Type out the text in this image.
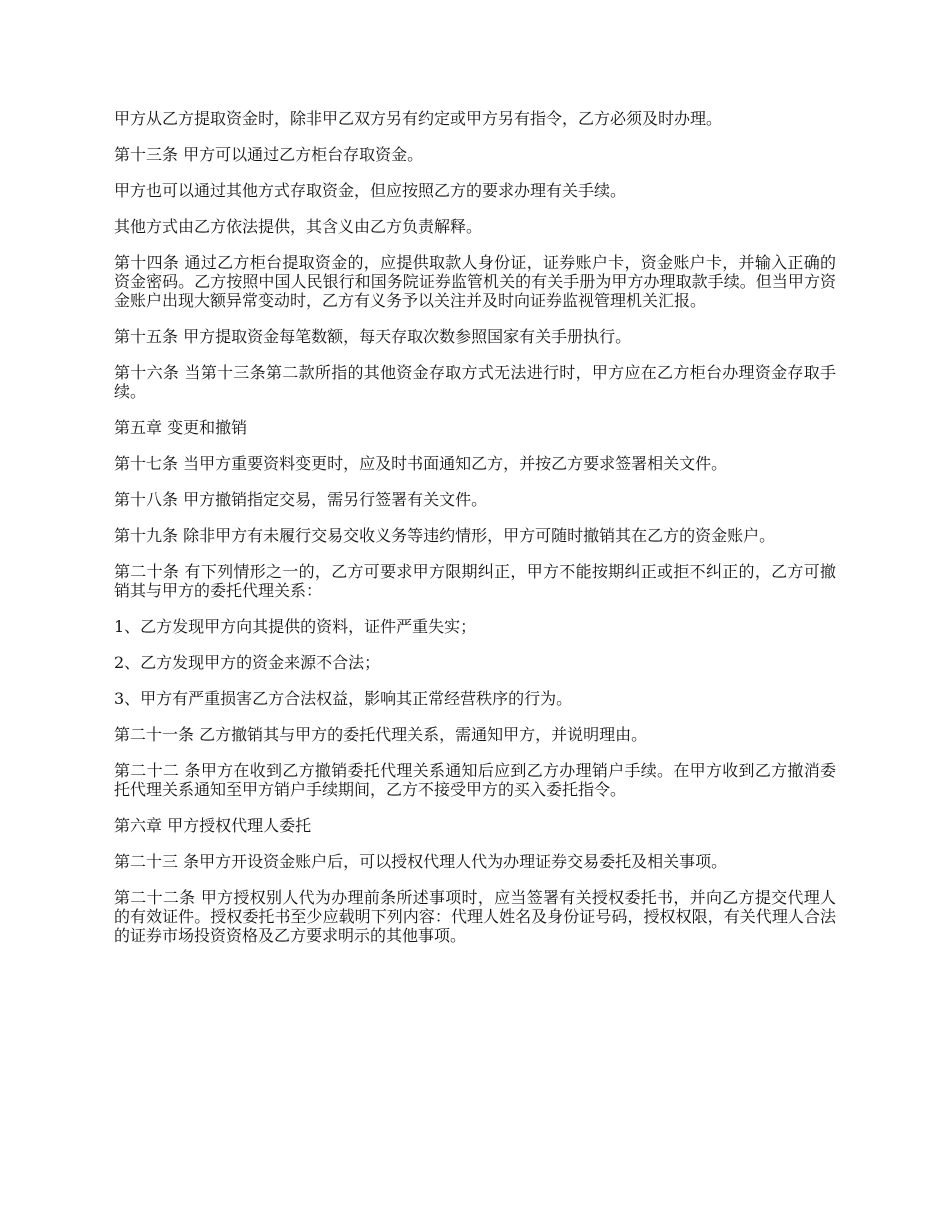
甲方从乙方提取资金时，除非甲乙双方另有约定或甲方另有指令，乙方必须及时办理。

第十三条 甲方可以通过乙方柜台存取资金。

甲方也可以通过其他方式存取资金，但应按照乙方的要求办理有关手续。

其他方式由乙方依法提供，其含义由乙方负责解释。

第十四条 通过乙方柜台提取资金的，应提供取款人身份证，证券账户卡，资金账户卡，并输入正确的资金密码。乙方按照中国人民银行和国务院证券监管机关的有关手册为甲方办理取款手续。但当甲方资金账户出现大额异常变动时，乙方有义务予以关注并及时向证券监视管理机关汇报。

第十五条 甲方提取资金每笔数额，每天存取次数参照国家有关手册执行。

第十六条 当第十三条第二款所指的其他资金存取方式无法进行时，甲方应在乙方柜台办理资金存取手续。

第五章 变更和撤销

第十七条 当甲方重要资料变更时，应及时书面通知乙方，并按乙方要求签署相关文件。

第十八条 甲方撤销指定交易，需另行签署有关文件。

第十九条 除非甲方有未履行交易交收义务等违约情形，甲方可随时撤销其在乙方的资金账户。

第二十条 有下列情形之一的，乙方可要求甲方限期纠正，甲方不能按期纠正或拒不纠正的，乙方可撤销其与甲方的委托代理关系：

1、乙方发现甲方向其提供的资料，证件严重失实；

2、乙方发现甲方的资金来源不合法；

3、甲方有严重损害乙方合法权益，影响其正常经营秩序的行为。

第二十一条 乙方撤销其与甲方的委托代理关系，需通知甲方，并说明理由。

第二十二 条甲方在收到乙方撤销委托代理关系通知后应到乙方办理销户手续。在甲方收到乙方撤消委托代理关系通知至甲方销户手续期间，乙方不接受甲方的买入委托指令。

第六章 甲方授权代理人委托

第二十三 条甲方开设资金账户后，可以授权代理人代为办理证券交易委托及相关事项。

第二十二条 甲方授权别人代为办理前条所述事项时，应当签署有关授权委托书，并向乙方提交代理人的有效证件。授权委托书至少应载明下列内容：代理人姓名及身份证号码，授权权限，有关代理人合法的证券市场投资资格及乙方要求明示的其他事项。
